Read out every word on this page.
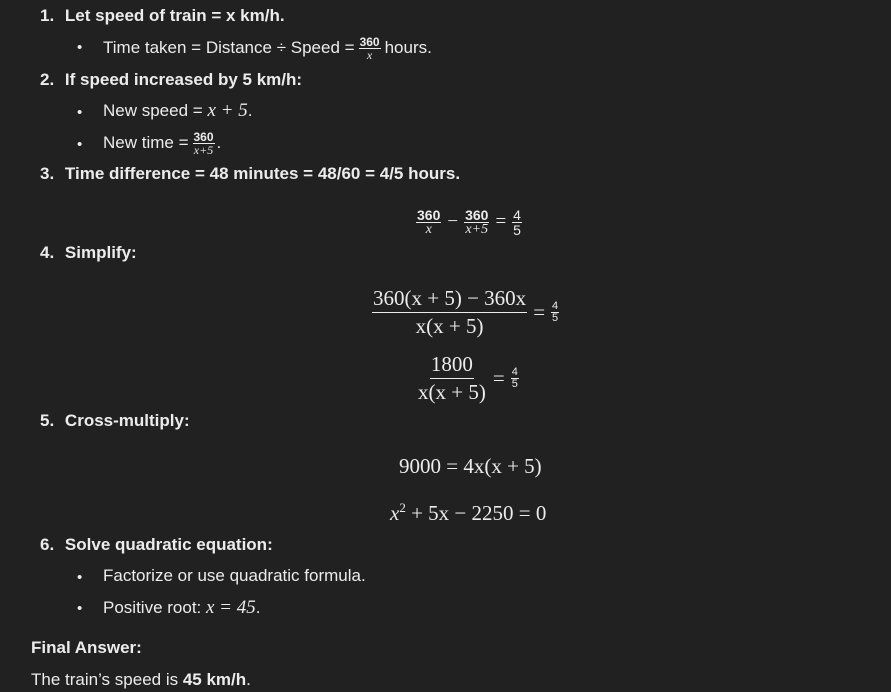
1. Let speed of train = x km/h.
• Time taken = Distance ÷ Speed = $\frac{360}{x}$ hours.
2. If speed increased by 5 km/h:
• New speed = x + 5.
• New time = $\frac{360}{x+5}$ .
3. Time difference = 48 minutes = 48/60 = 4/5 hours.
$\frac{360}{x} - \frac{360}{x+5} = \frac{4}{5}$
4. Simplify:
$\frac{360(x + 5) - 360x}{x(x + 5)} = \frac{4}{5}$
$\frac{1800}{x(x + 5)} = \frac{4}{5}$
5. Cross-multiply:
9000 = 4x(x + 5)
$x^2 + 5x - 2250 = 0$
6. Solve quadratic equation:
• Factorize or use quadratic formula.
• Positive root: x = 45.
Final Answer:
The train’s speed is 45 km/h.
